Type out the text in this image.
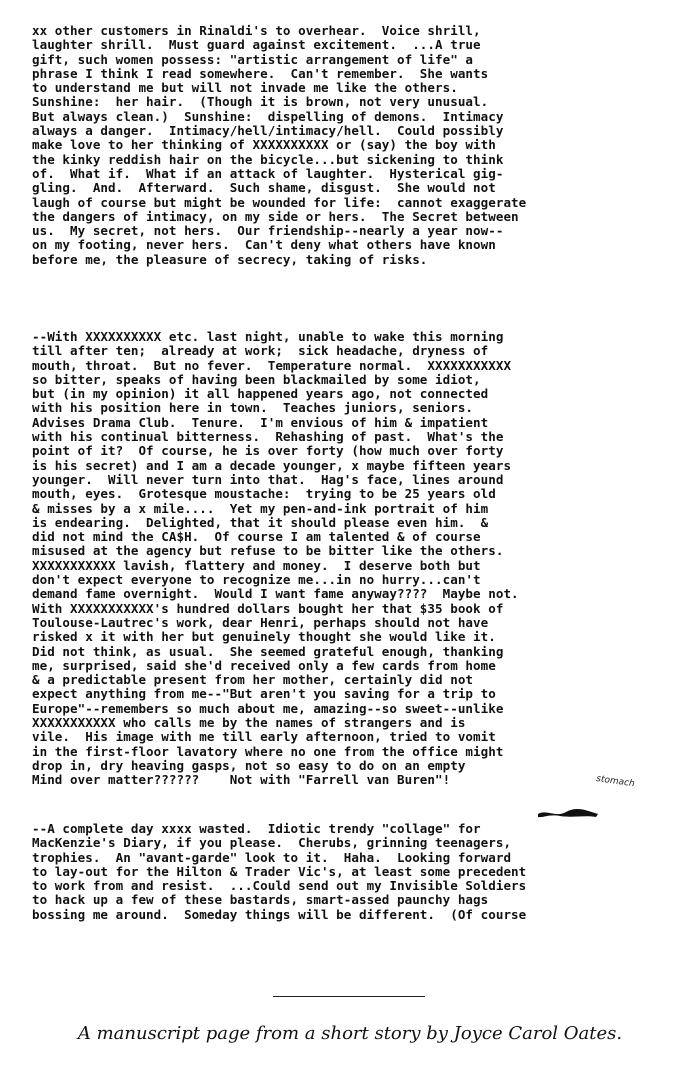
xx other customers in Rinaldi's to overhear.  Voice shrill,
laughter shrill.  Must guard against excitement.  ...A true
gift, such women possess: "artistic arrangement of life" a
phrase I think I read somewhere.  Can't remember.  She wants
to understand me but will not invade me like the others.
Sunshine:  her hair.  (Though it is brown, not very unusual.
But always clean.)  Sunshine:  dispelling of demons.  Intimacy
always a danger.  Intimacy/hell/intimacy/hell.  Could possibly
make love to her thinking of XXXXXXXXXX or (say) the boy with
the kinky reddish hair on the bicycle...but sickening to think
of.  What if.  What if an attack of laughter.  Hysterical gig-
gling.  And.  Afterward.  Such shame, disgust.  She would not
laugh of course but might be wounded for life:  cannot exaggerate
the dangers of intimacy, on my side or hers.  The Secret between
us.  My secret, not hers.  Our friendship--nearly a year now--
on my footing, never hers.  Can't deny what others have known
before me, the pleasure of secrecy, taking of risks.
--With XXXXXXXXXX etc. last night, unable to wake this morning
till after ten;  already at work;  sick headache, dryness of
mouth, throat.  But no fever.  Temperature normal.  XXXXXXXXXXX
so bitter, speaks of having been blackmailed by some idiot,
but (in my opinion) it all happened years ago, not connected
with his position here in town.  Teaches juniors, seniors.
Advises Drama Club.  Tenure.  I'm envious of him & impatient
with his continual bitterness.  Rehashing of past.  What's the
point of it?  Of course, he is over forty (how much over forty
is his secret) and I am a decade younger, x maybe fifteen years
younger.  Will never turn into that.  Hag's face, lines around
mouth, eyes.  Grotesque moustache:  trying to be 25 years old
& misses by a x mile....  Yet my pen-and-ink portrait of him
is endearing.  Delighted, that it should please even him.  &
did not mind the CA$H.  Of course I am talented & of course
misused at the agency but refuse to be bitter like the others.
XXXXXXXXXXX lavish, flattery and money.  I deserve both but
don't expect everyone to recognize me...in no hurry...can't
demand fame overnight.  Would I want fame anyway????  Maybe not.
With XXXXXXXXXXX's hundred dollars bought her that $35 book of
Toulouse-Lautrec's work, dear Henri, perhaps should not have
risked x it with her but genuinely thought she would like it.
Did not think, as usual.  She seemed grateful enough, thanking
me, surprised, said she'd received only a few cards from home
& a predictable present from her mother, certainly did not
expect anything from me--"But aren't you saving for a trip to
Europe"--remembers so much about me, amazing--so sweet--unlike
XXXXXXXXXXX who calls me by the names of strangers and is
vile.  His image with me till early afternoon, tried to vomit
in the first-floor lavatory where no one from the office might
drop in, dry heaving gasps, not so easy to do on an empty
Mind over matter??????    Not with "Farrell van Buren"!
--A complete day xxxx wasted.  Idiotic trendy "collage" for
MacKenzie's Diary, if you please.  Cherubs, grinning teenagers,
trophies.  An "avant-garde" look to it.  Haha.  Looking forward
to lay-out for the Hilton & Trader Vic's, at least some precedent
to work from and resist.  ...Could send out my Invisible Soldiers
to hack up a few of these bastards, smart-assed paunchy hags
bossing me around.  Someday things will be different.  (Of course
stomach
A manuscript page from a short story by Joyce Carol Oates.
